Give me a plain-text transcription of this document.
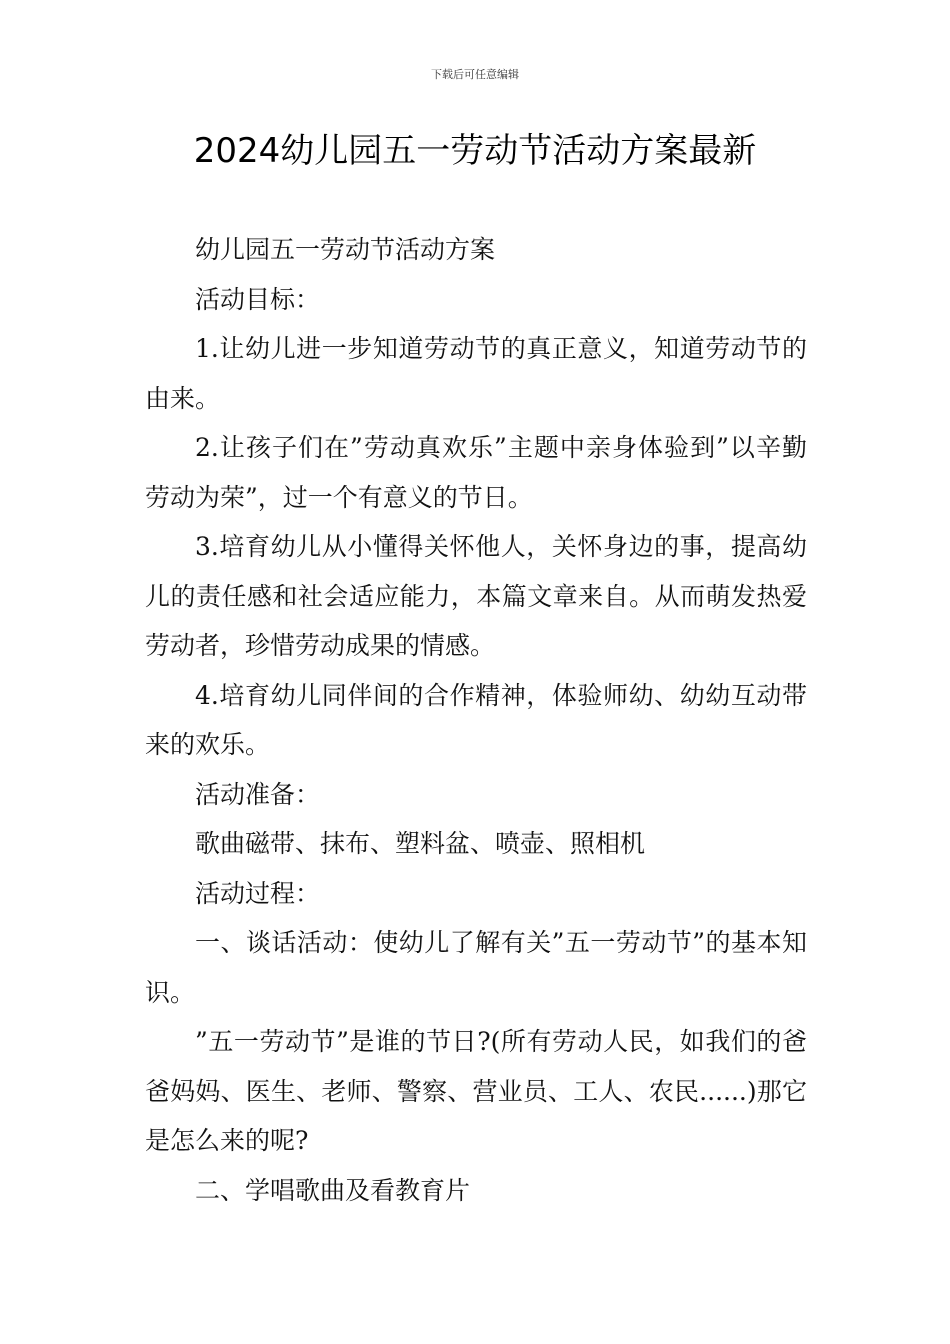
下载后可任意编辑
2024幼儿园五一劳动节活动方案最新

幼儿园五一劳动节活动方案

活动目标：

1.让幼儿进一步知道劳动节的真正意义，知道劳动节的由来。

2.让孩子们在”劳动真欢乐”主题中亲身体验到”以辛勤劳动为荣”，过一个有意义的节日。

3.培育幼儿从小懂得关怀他人，关怀身边的事，提高幼儿的责任感和社会适应能力，本篇文章来自。从而萌发热爱劳动者，珍惜劳动成果的情感。

4.培育幼儿同伴间的合作精神，体验师幼、幼幼互动带来的欢乐。

活动准备：

歌曲磁带、抹布、塑料盆、喷壶、照相机

活动过程：

一、谈话活动：使幼儿了解有关”五一劳动节”的基本知识。

”五一劳动节”是谁的节日?(所有劳动人民，如我们的爸爸妈妈、医生、老师、警察、营业员、工人、农民......)那它是怎么来的呢?

二、学唱歌曲及看教育片
